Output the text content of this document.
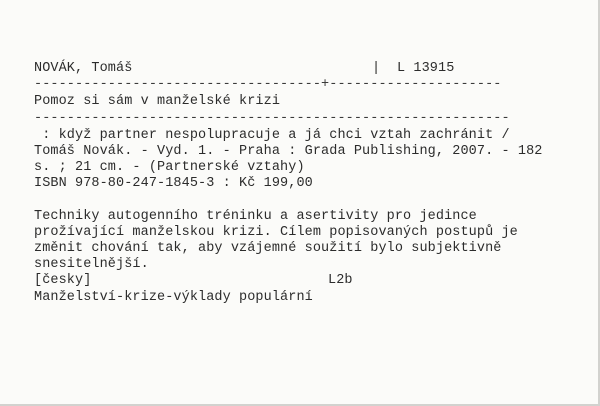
NOVÁK, Tomáš	| L 13915
-----------------------------------+---------------------
Pomoz si sám v manželské krizi
----------------------------------------------------------
: když partner nespolupracuje a já chci vztah zachránit /
Tomáš Novák. - Vyd. 1. - Praha : Grada Publishing, 2007. - 182
s. ; 21 cm. - (Partnerské vztahy)
ISBN 978-80-247-1845-3 : Kč 199,00
Techniky autogenního tréninku a asertivity pro jedince
prožívající manželskou krizi. Cílem popisovaných postupů je
změnit chování tak, aby vzájemné soužití bylo subjektivně
snesitelnější.
[česky]	L2b
Manželství-krize-výklady populární
